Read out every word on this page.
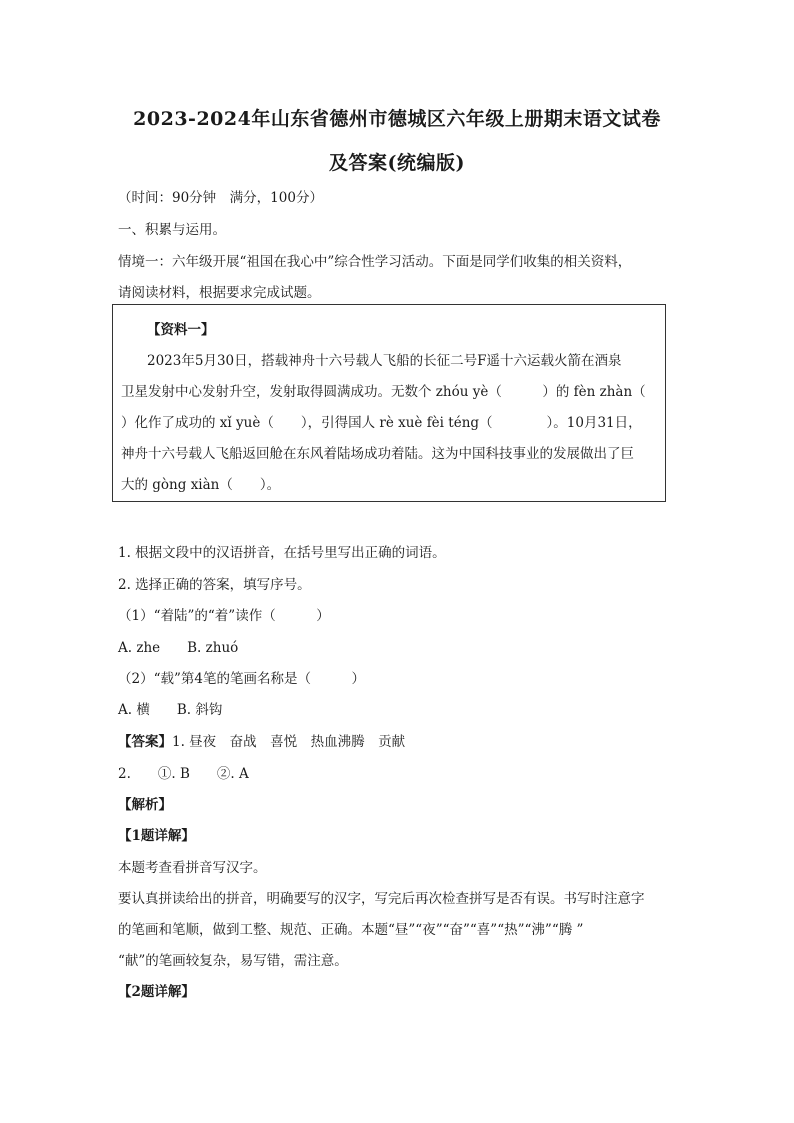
2023-2024年山东省德州市德城区六年级上册期末语文试卷
及答案(统编版)
（时间：90分钟　满分，100分）
一、积累与运用。
情境一：六年级开展“祖国在我心中”综合性学习活动。下面是同学们收集的相关资料，
请阅读材料，根据要求完成试题。
【资料一】
2023年5月30日，搭载神舟十六号载人飞船的长征二号F遥十六运载火箭在酒泉
卫星发射中心发射升空，发射取得圆满成功。无数个 zhóu yè（　　　）的 fèn zhàn（
）化作了成功的 xǐ yuè（　　），引得国人 rè xuè fèi téng（　　　　）。10月31日，
神舟十六号载人飞船返回舱在东风着陆场成功着陆。这为中国科技事业的发展做出了巨
大的 gòng xiàn（　　）。
1. 根据文段中的汉语拼音，在括号里写出正确的词语。
2. 选择正确的答案，填写序号。
（1）“着陆”的“着”读作（　　　）
A. zhe　　B. zhuó
（2）“载”第4笔的笔画名称是（　　　）
A. 横　　B. 斜钩
【答案】1. 昼夜　奋战　喜悦　热血沸腾　贡献
2.　　①. B　　②. A
【解析】
【1题详解】
本题考查看拼音写汉字。
要认真拼读给出的拼音，明确要写的汉字，写完后再次检查拼写是否有误。书写时注意字
的笔画和笔顺，做到工整、规范、正确。本题“昼”“夜”“奋”“喜”“热”“沸”“腾 ”
“献”的笔画较复杂，易写错，需注意。
【2题详解】
